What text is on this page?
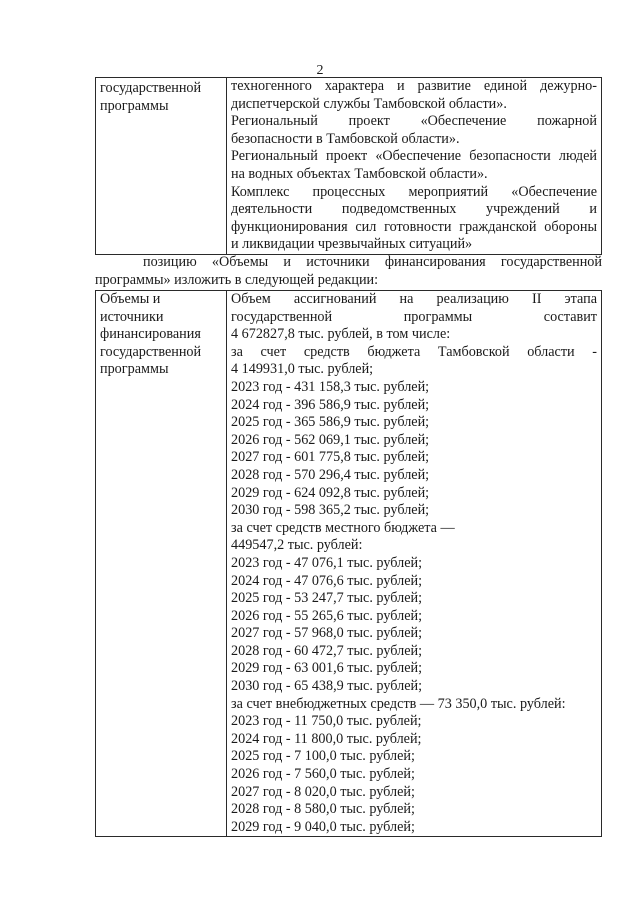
2
государственной
программы

техногенного характера и развитие единой дежурно-
диспетчерской службы Тамбовской области».
Региональный проект «Обеспечение пожарной
безопасности в Тамбовской области».
Региональный проект «Обеспечение безопасности людей
на водных объектах Тамбовской области».
Комплекс процессных мероприятий «Обеспечение
деятельности подведомственных учреждений и
функционирования сил готовности гражданской обороны
и ликвидации чрезвычайных ситуаций»
позицию «Объемы и источники финансирования государственной
программы» изложить в следующей редакции:
Объемы и
источники
финансирования
государственной
программы

Объем ассигнований на реализацию II этапа
государственной программы составит
4 672827,8 тыс. рублей, в том числе:
за счет средств бюджета Тамбовской области -
4 149931,0 тыс. рублей;
2023 год - 431 158,3 тыс. рублей;
2024 год - 396 586,9 тыс. рублей;
2025 год - 365 586,9 тыс. рублей;
2026 год - 562 069,1 тыс. рублей;
2027 год - 601 775,8 тыс. рублей;
2028 год - 570 296,4 тыс. рублей;
2029 год - 624 092,8 тыс. рублей;
2030 год - 598 365,2 тыс. рублей;
за счет средств местного бюджета —
449547,2 тыс. рублей:
2023 год - 47 076,1 тыс. рублей;
2024 год - 47 076,6 тыс. рублей;
2025 год - 53 247,7 тыс. рублей;
2026 год - 55 265,6 тыс. рублей;
2027 год - 57 968,0 тыс. рублей;
2028 год - 60 472,7 тыс. рублей;
2029 год - 63 001,6 тыс. рублей;
2030 год - 65 438,9 тыс. рублей;
за счет внебюджетных средств — 73 350,0 тыс. рублей:
2023 год - 11 750,0 тыс. рублей;
2024 год - 11 800,0 тыс. рублей;
2025 год - 7 100,0 тыс. рублей;
2026 год - 7 560,0 тыс. рублей;
2027 год - 8 020,0 тыс. рублей;
2028 год - 8 580,0 тыс. рублей;
2029 год - 9 040,0 тыс. рублей;
